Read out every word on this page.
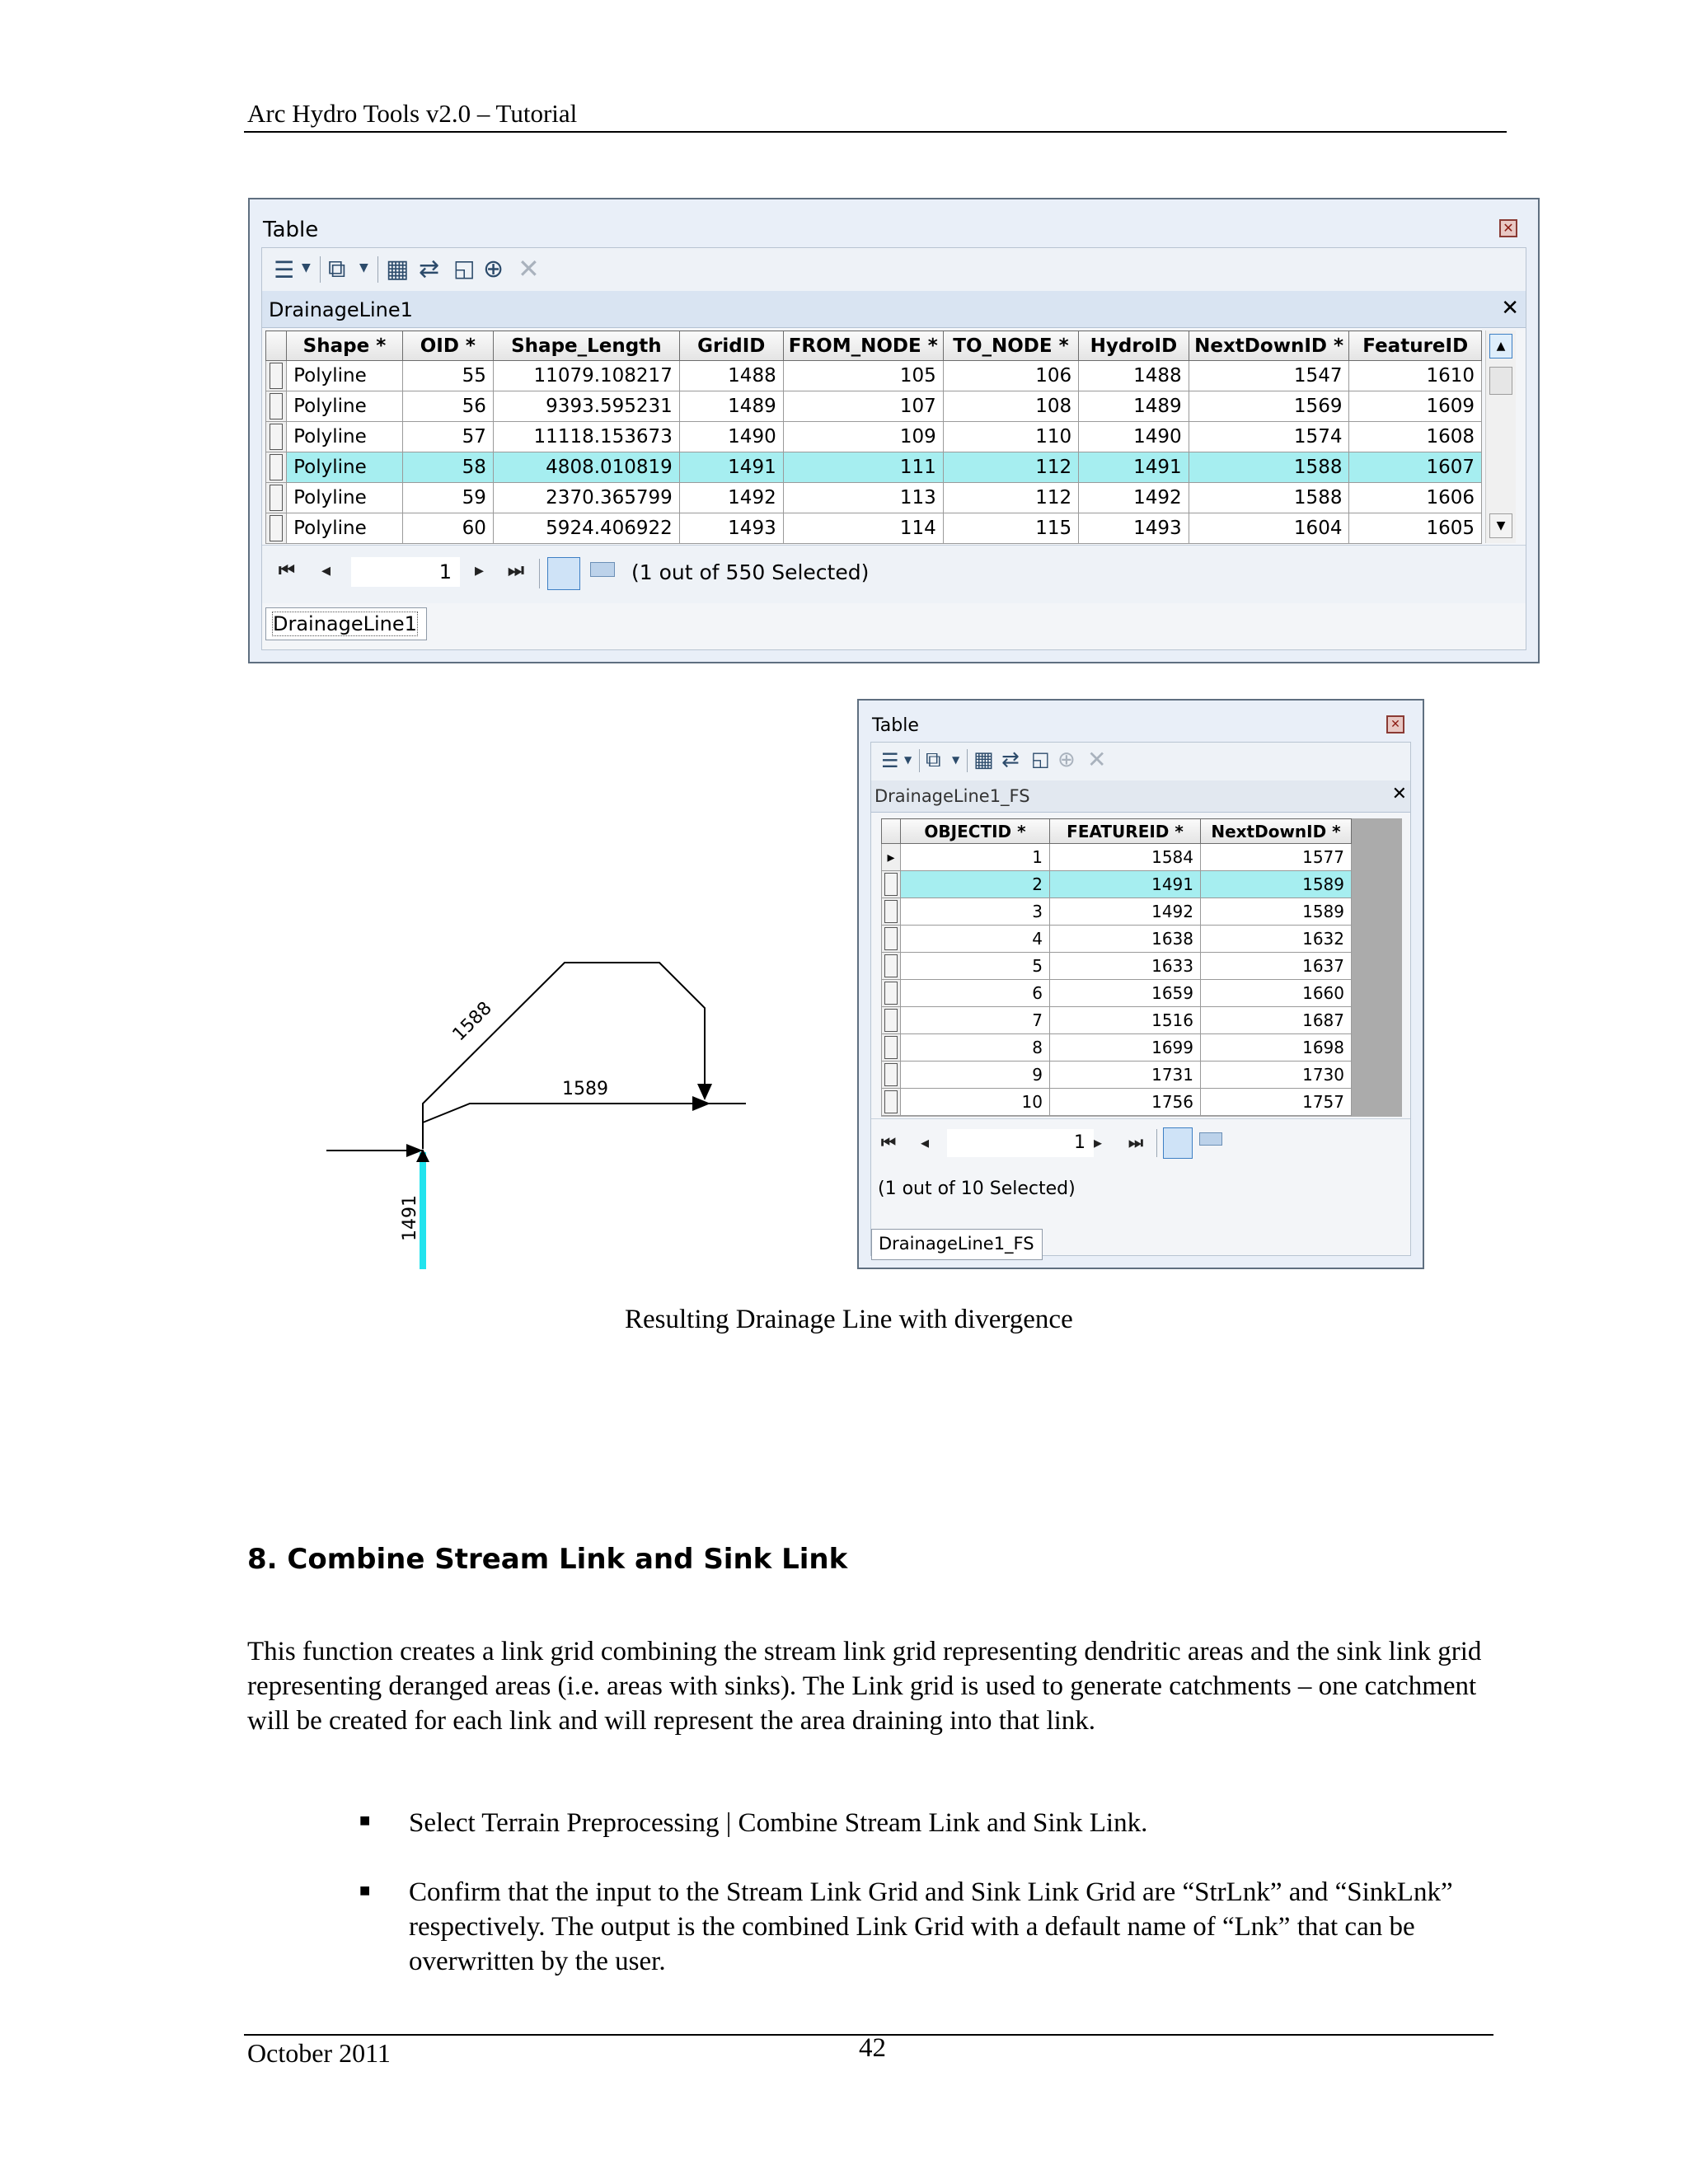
Arc Hydro Tools v2.0 – Tutorial
Table	✕
☰ ▼ ⧉ ▼ ▦ ⇄ ◱ ⊕ ✕
DrainageLine1	✕
	Shape *	OID *	Shape_Length	GridID	FROM_NODE *	TO_NODE *	HydroID	NextDownID *	FeatureID

	Polyline	55	11079.108217	1488	105	106	1488	1547	1610

	Polyline	56	9393.595231	1489	107	108	1489	1569	1609

	Polyline	57	11118.153673	1490	109	110	1490	1574	1608

	Polyline	58	4808.010819	1491	111	112	1491	1588	1607

	Polyline	59	2370.365799	1492	113	112	1492	1588	1606

	Polyline	60	5924.406922	1493	114	115	1493	1604	1605
▲
▼
⏮ ◂	1	▸ ⏭	(1 out of 550 Selected)
DrainageLine1
1588
1589
1491
Table	✕
☰ ▼ ⧉ ▼ ▦ ⇄ ◱ ⊕ ✕
DrainageLine1_FS	✕
	OBJECTID *	FEATUREID *	NextDownID *
▸	1	1584	1577

	2	1491	1589

	3	1492	1589

	4	1638	1632

	5	1633	1637

	6	1659	1660

	7	1516	1687

	8	1699	1698

	9	1731	1730

	10	1756	1757
⏮ ◂	1 ▸ ⏭
(1 out of 10 Selected)
DrainageLine1_FS
Resulting Drainage Line with divergence
8. Combine Stream Link and Sink Link
This function creates a link grid combining the stream link grid representing dendritic areas and the sink link grid representing deranged areas (i.e. areas with sinks). The Link grid is used to generate catchments – one catchment will be created for each link and will represent the area draining into that link.
■ Select Terrain Preprocessing | Combine Stream Link and Sink Link.
■ Confirm that the input to the Stream Link Grid and Sink Link Grid are “StrLnk” and “SinkLnk” respectively. The output is the combined Link Grid with a default name of “Lnk” that can be overwritten by the user.
October 2011	42
